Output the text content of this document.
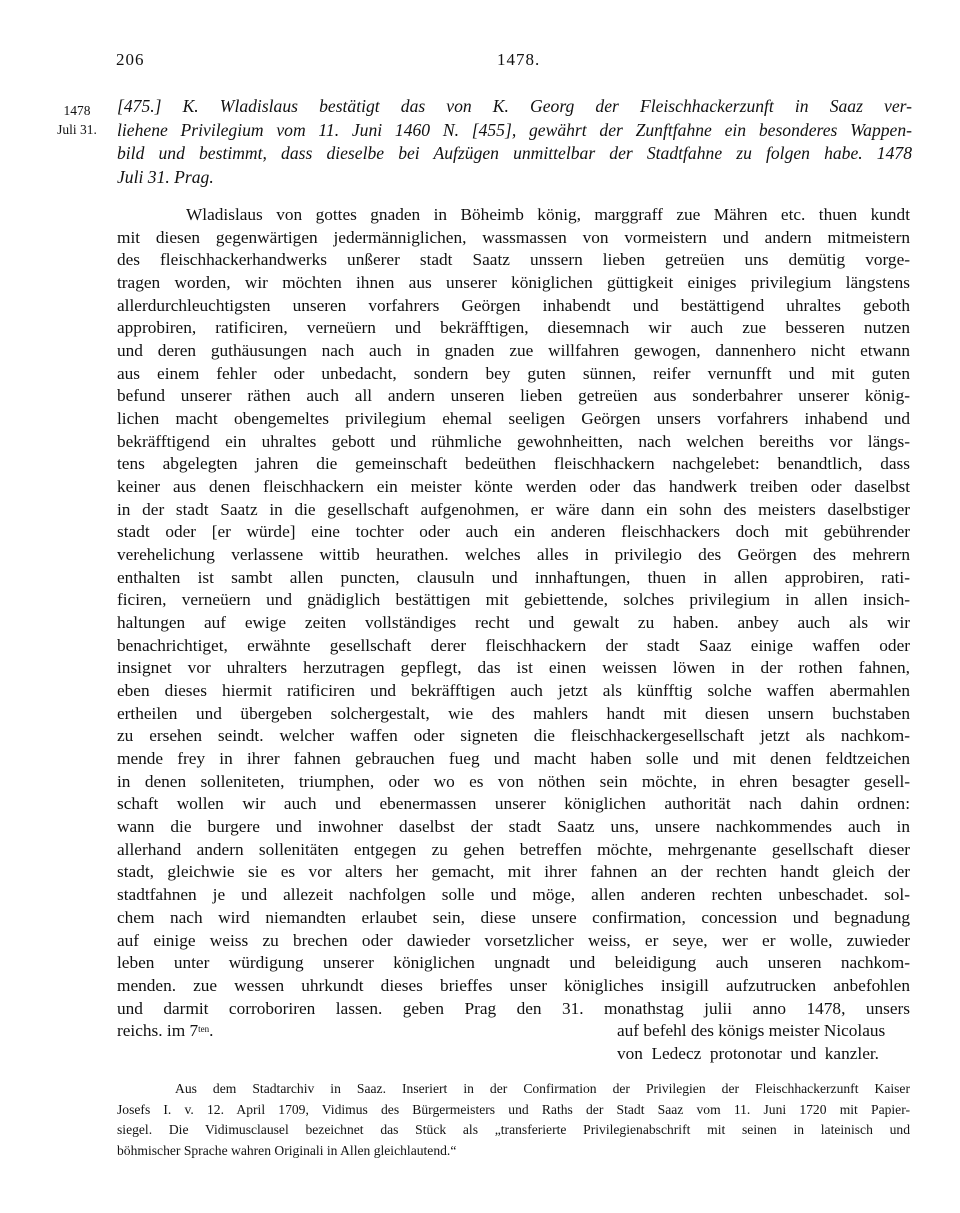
206	1478.
1478
Juli 31.
[475.] K. Wladislaus bestätigt das von K. Georg der Fleischhackerzunft in Saaz ver-
liehene Privilegium vom 11. Juni 1460 N. [455], gewährt der Zunftfahne ein besonderes Wappen-
bild und bestimmt, dass dieselbe bei Aufzügen unmittelbar der Stadtfahne zu folgen habe. 1478
Juli 31. Prag.
Wladislaus von gottes gnaden in Böheimb könig, marggraff zue Mähren etc. thuen kundt
mit diesen gegenwärtigen jedermänniglichen, wassmassen von vormeistern und andern mitmeistern
des fleischhackerhandwerks unßerer stadt Saatz unssern lieben getreüen uns demütig vorge-
tragen worden, wir möchten ihnen aus unserer königlichen güttigkeit einiges privilegium längstens
allerdurchleuchtigsten unseren vorfahrers Geörgen inhabendt und bestättigend uhraltes geboth
approbiren, ratificiren, verneüern und bekräfftigen, diesemnach wir auch zue besseren nutzen
und deren guthäusungen nach auch in gnaden zue willfahren gewogen, dannenhero nicht etwann
aus einem fehler oder unbedacht, sondern bey guten sünnen, reifer vernunfft und mit guten
befund unserer räthen auch all andern unseren lieben getreüen aus sonderbahrer unserer könig-
lichen macht obengemeltes privilegium ehemal seeligen Geörgen unsers vorfahrers inhabend und
bekräfftigend ein uhraltes gebott und rühmliche gewohnheitten, nach welchen bereiths vor längs-
tens abgelegten jahren die gemeinschaft bedeüthen fleischhackern nachgelebet: benandtlich, dass
keiner aus denen fleischhackern ein meister könte werden oder das handwerk treiben oder daselbst
in der stadt Saatz in die gesellschaft aufgenohmen, er wäre dann ein sohn des meisters daselbstiger
stadt oder [er würde] eine tochter oder auch ein anderen fleischhackers doch mit gebührender
verehelichung verlassene wittib heurathen. welches alles in privilegio des Geörgen des mehrern
enthalten ist sambt allen puncten, clausuln und innhaftungen, thuen in allen approbiren, rati-
ficiren, verneüern und gnädiglich bestättigen mit gebiettende, solches privilegium in allen insich-
haltungen auf ewige zeiten vollständiges recht und gewalt zu haben. anbey auch als wir
benachrichtiget, erwähnte gesellschaft derer fleischhackern der stadt Saaz einige waffen oder
insignet vor uhralters herzutragen gepflegt, das ist einen weissen löwen in der rothen fahnen,
eben dieses hiermit ratificiren und bekräfftigen auch jetzt als künfftig solche waffen abermahlen
ertheilen und übergeben solchergestalt, wie des mahlers handt mit diesen unsern buchstaben
zu ersehen seindt. welcher waffen oder signeten die fleischhackergesellschaft jetzt als nachkom-
mende frey in ihrer fahnen gebrauchen fueg und macht haben solle und mit denen feldtzeichen
in denen solleniteten, triumphen, oder wo es von nöthen sein möchte, in ehren besagter gesell-
schaft wollen wir auch und ebenermassen unserer königlichen authorität nach dahin ordnen:
wann die burgere und inwohner daselbst der stadt Saatz uns, unsere nachkommendes auch in
allerhand andern sollenitäten entgegen zu gehen betreffen möchte, mehrgenante gesellschaft dieser
stadt, gleichwie sie es vor alters her gemacht, mit ihrer fahnen an der rechten handt gleich der
stadtfahnen je und allezeit nachfolgen solle und möge, allen anderen rechten unbeschadet. sol-
chem nach wird niemandten erlaubet sein, diese unsere confirmation, concession und begnadung
auf einige weiss zu brechen oder dawieder vorsetzlicher weiss, er seye, wer er wolle, zuwieder
leben unter würdigung unserer königlichen ungnadt und beleidigung auch unseren nachkom-
menden. zue wessen uhrkundt dieses brieffes unser königliches insigill aufzutrucken anbefohlen
und darmit corroboriren lassen. geben Prag den 31. monathstag julii anno 1478, unsers
reichs. im $7^{ten}$.	auf befehl des königs meister Nicolaus
von Ledecz protonotar und kanzler.
Aus dem Stadtarchiv in Saaz. Inseriert in der Confirmation der Privilegien der Fleischhackerzunft Kaiser
Josefs I. v. 12. April 1709, Vidimus des Bürgermeisters und Raths der Stadt Saaz vom 11. Juni 1720 mit Papier-
siegel. Die Vidimusclausel bezeichnet das Stück als „transferierte Privilegienabschrift mit seinen in lateinisch und
böhmischer Sprache wahren Originali in Allen gleichlautend.“
